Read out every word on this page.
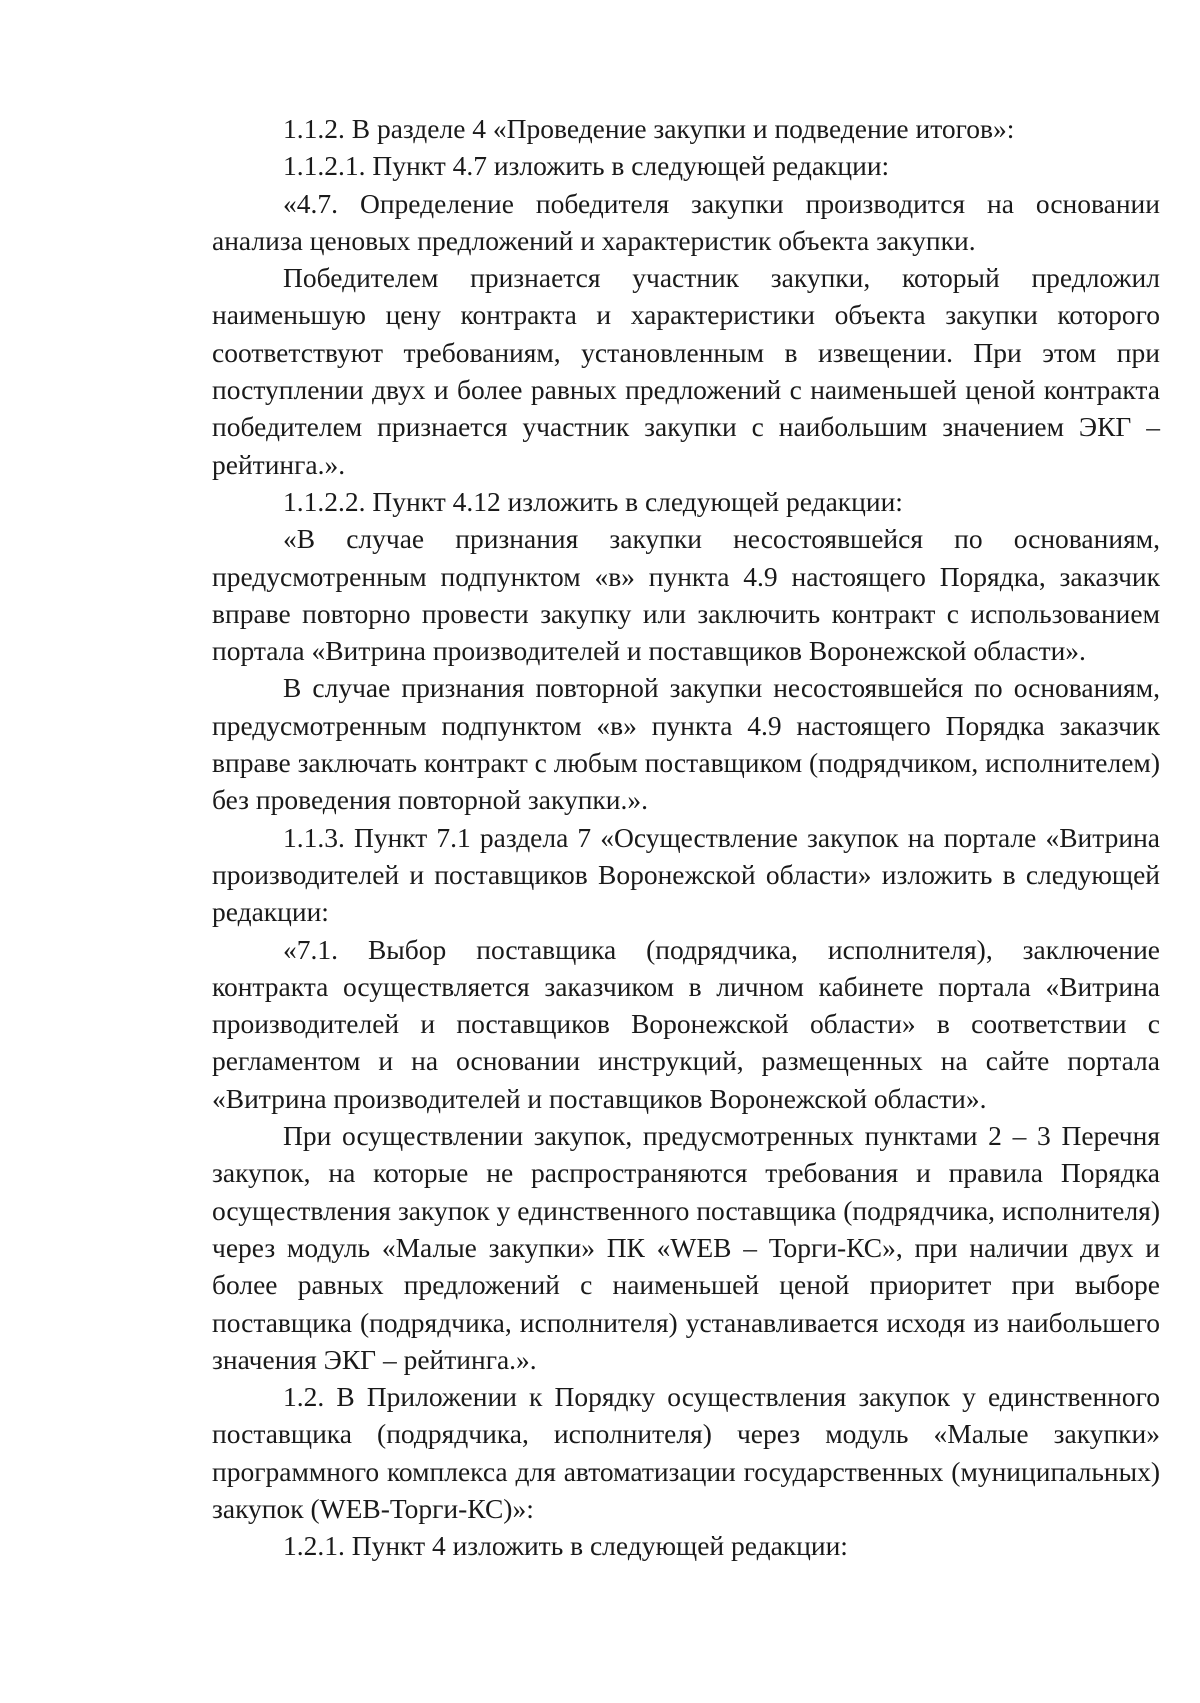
1.1.2. В разделе 4 «Проведение закупки и подведение итогов»:

1.1.2.1. Пункт 4.7 изложить в следующей редакции:

«4.7. Определение победителя закупки производится на основании анализа ценовых предложений и характеристик объекта закупки.

Победителем признается участник закупки, который предложил наименьшую цену контракта и характеристики объекта закупки которого соответствуют требованиям, установленным в извещении. При этом при поступлении двух и более равных предложений с наименьшей ценой контракта победителем признается участник закупки с наибольшим значением ЭКГ – рейтинга.».

1.1.2.2. Пункт 4.12 изложить в следующей редакции:

«В случае признания закупки несостоявшейся по основаниям, предусмотренным подпунктом «в» пункта 4.9 настоящего Порядка, заказчик вправе повторно провести закупку или заключить контракт с использованием портала «Витрина производителей и поставщиков Воронежской области».

В случае признания повторной закупки несостоявшейся по основаниям, предусмотренным подпунктом «в» пункта 4.9 настоящего Порядка заказчик вправе заключать контракт с любым поставщиком (подрядчиком, исполнителем) без проведения повторной закупки.».

1.1.3. Пункт 7.1 раздела 7 «Осуществление закупок на портале «Витрина производителей и поставщиков Воронежской области» изложить в следующей редакции:

«7.1. Выбор поставщика (подрядчика, исполнителя), заключение контракта осуществляется заказчиком в личном кабинете портала «Витрина производителей и поставщиков Воронежской области» в соответствии с регламентом и на основании инструкций, размещенных на сайте портала «Витрина производителей и поставщиков Воронежской области».

При осуществлении закупок, предусмотренных пунктами 2 – 3 Перечня закупок, на которые не распространяются требования и правила Порядка осуществления закупок у единственного поставщика (подрядчика, исполнителя) через модуль «Малые закупки» ПК «WEB – Торги-КС», при наличии двух и более равных предложений с наименьшей ценой приоритет при выборе поставщика (подрядчика, исполнителя) устанавливается исходя из наибольшего значения ЭКГ – рейтинга.».

1.2. В Приложении к Порядку осуществления закупок у единственного поставщика (подрядчика, исполнителя) через модуль «Малые закупки» программного комплекса для автоматизации государственных (муниципальных) закупок (WEB-Торги-КС)»:

1.2.1. Пункт 4 изложить в следующей редакции:
